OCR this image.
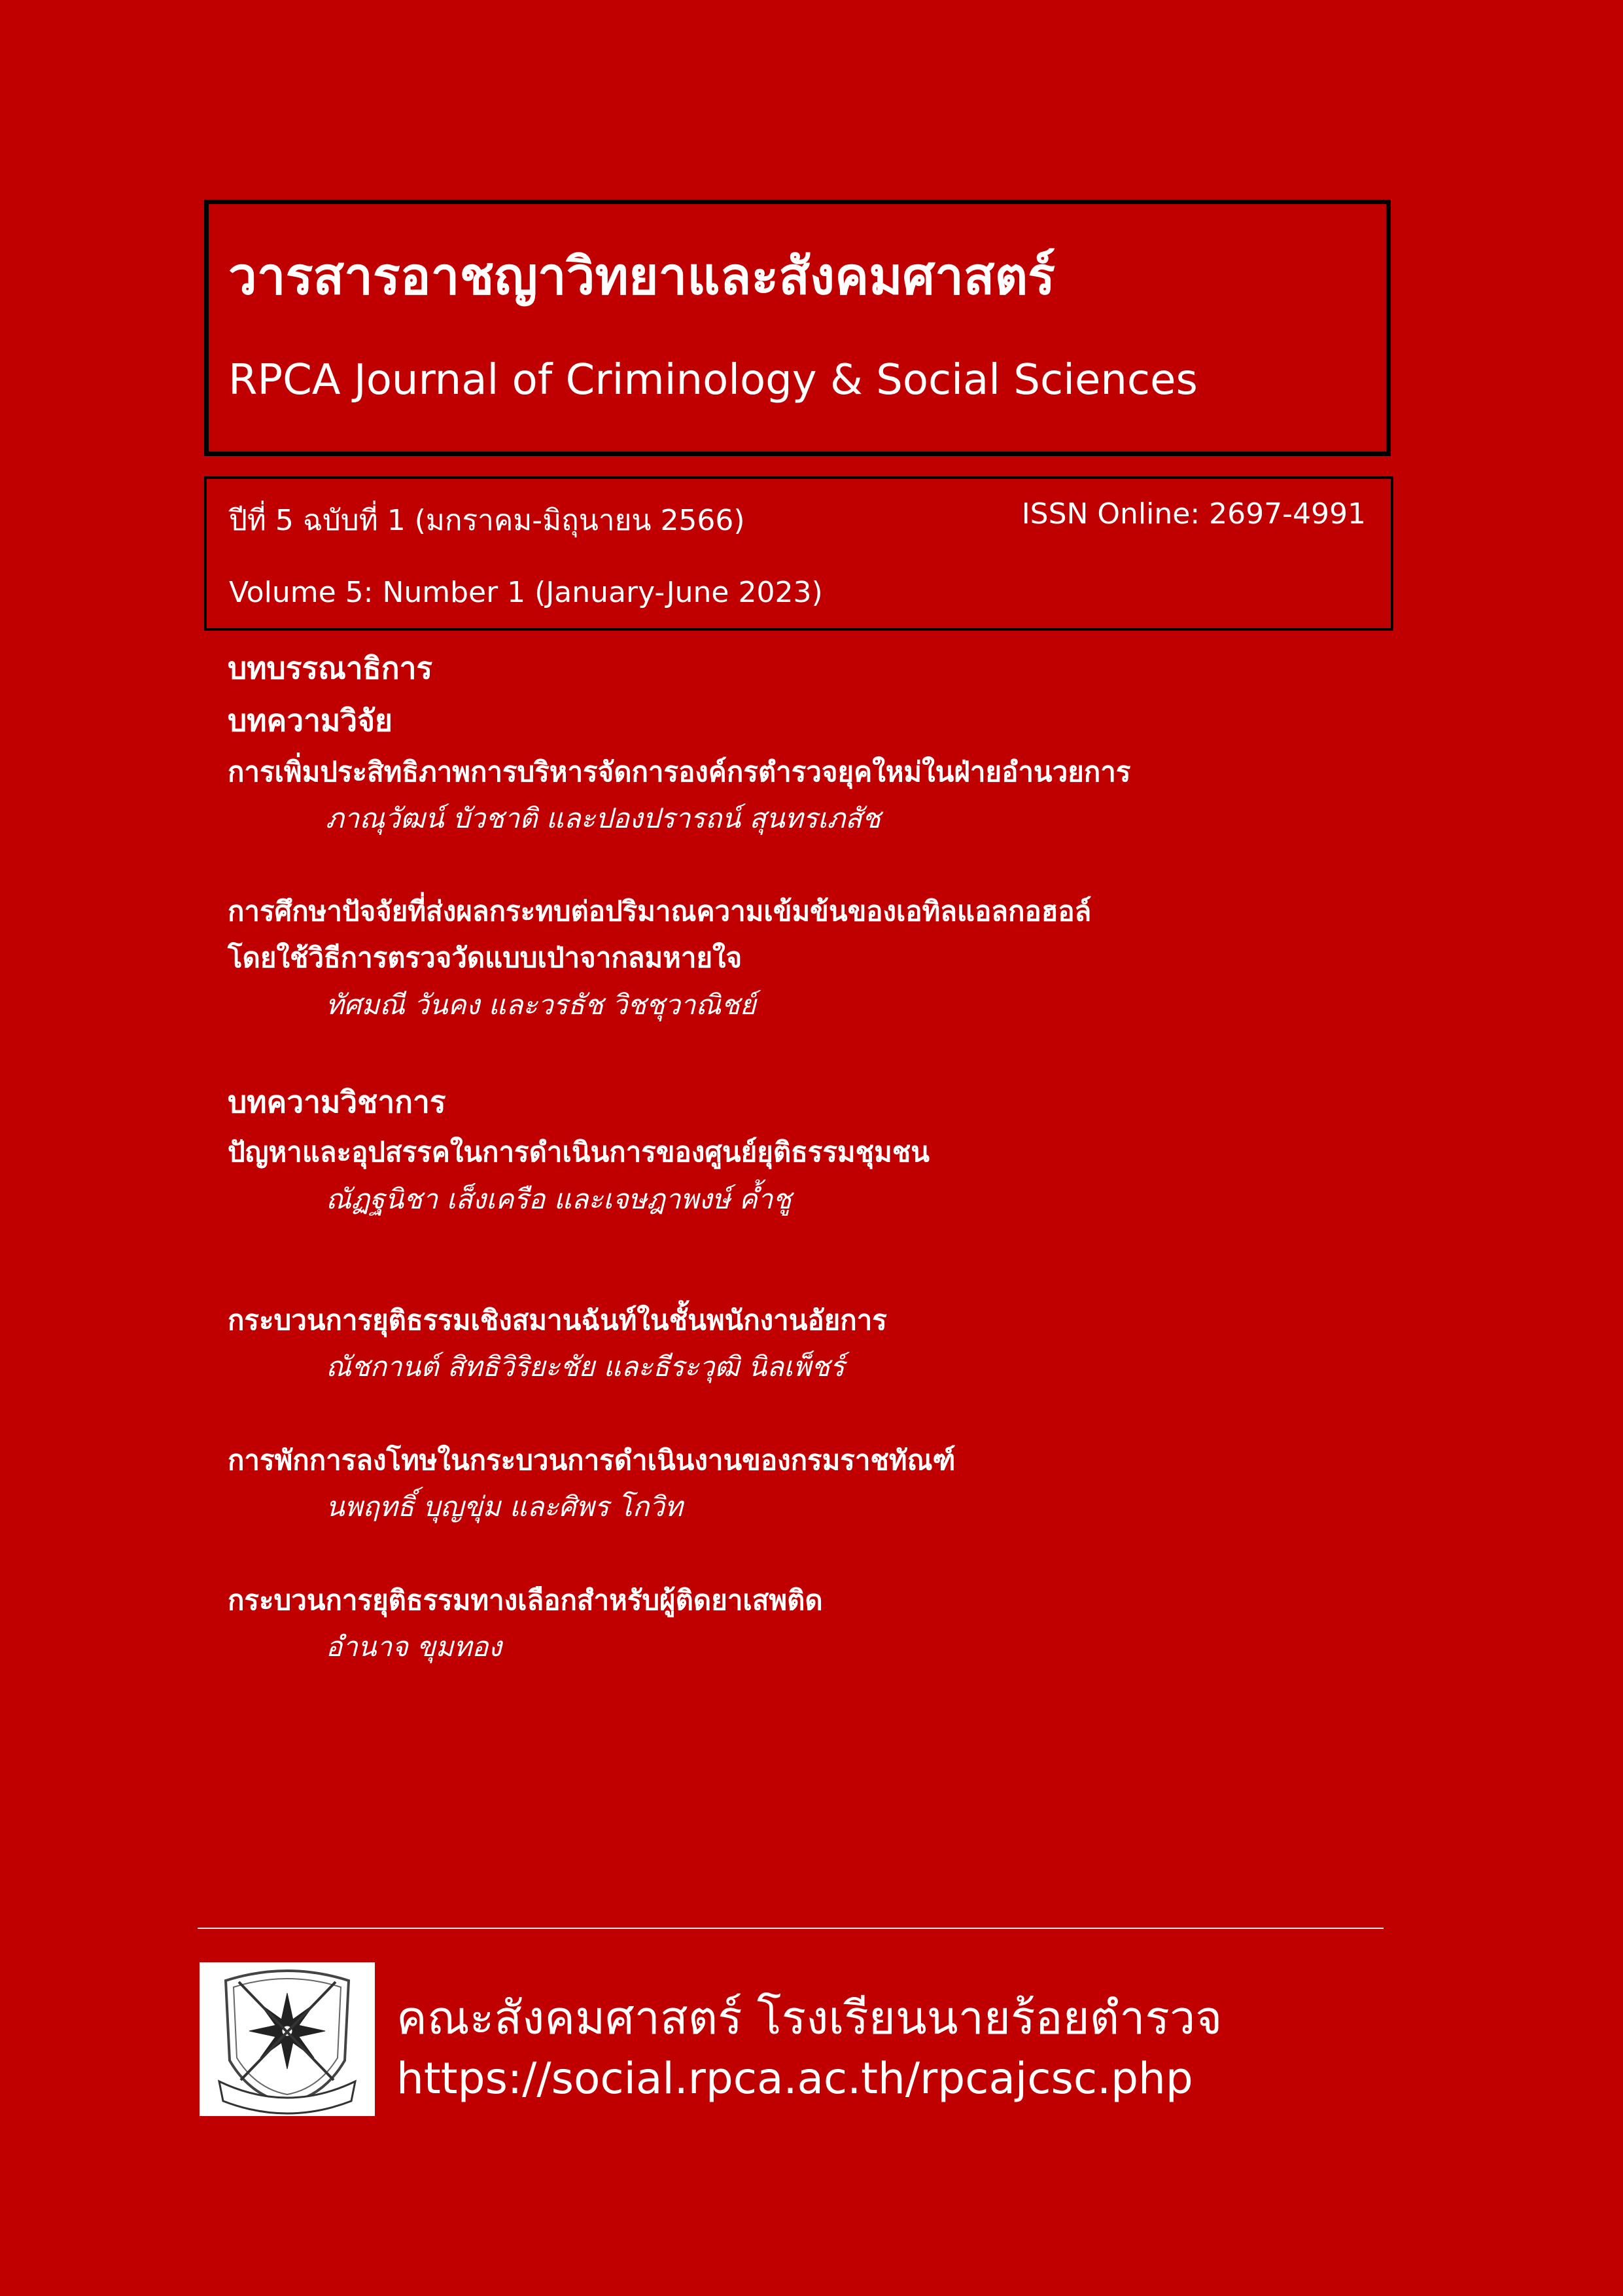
วารสารอาชญาวิทยาและสังคมศาสตร์
RPCA Journal of Criminology & Social Sciences
ปีที่ 5 ฉบับที่ 1 (มกราคม-มิถุนายน 2566)	ISSN Online: 2697-4991
Volume 5: Number 1 (January-June 2023)
บทบรรณาธิการ
บทความวิจัย
การเพิ่มประสิทธิภาพการบริหารจัดการองค์กรตำรวจยุคใหม่ในฝ่ายอำนวยการ
ภาณุวัฒน์ บัวชาติ และปองปรารถน์ สุนทรเภสัช
การศึกษาปัจจัยที่ส่งผลกระทบต่อปริมาณความเข้มข้นของเอทิลแอลกอฮอล์
โดยใช้วิธีการตรวจวัดแบบเป่าจากลมหายใจ
ทัศมณี วันคง และวรธัช วิชชุวาณิชย์
บทความวิชาการ
ปัญหาและอุปสรรคในการดำเนินการของศูนย์ยุติธรรมชุมชน
ณัฏฐนิชา เส็งเครือ และเจษฎาพงษ์ ค้ำชู
กระบวนการยุติธรรมเชิงสมานฉันท์ในชั้นพนักงานอัยการ
ณัชกานต์ สิทธิวิริยะชัย และธีระวุฒิ นิลเพ็ชร์
การพักการลงโทษในกระบวนการดำเนินงานของกรมราชทัณฑ์
นพฤทธิ์ บุญขุ่ม และศิพร โกวิท
กระบวนการยุติธรรมทางเลือกสำหรับผู้ติดยาเสพติด
อำนาจ ขุมทอง
คณะสังคมศาสตร์ โรงเรียนนายร้อยตำรวจ
https://social.rpca.ac.th/rpcajcsc.php
